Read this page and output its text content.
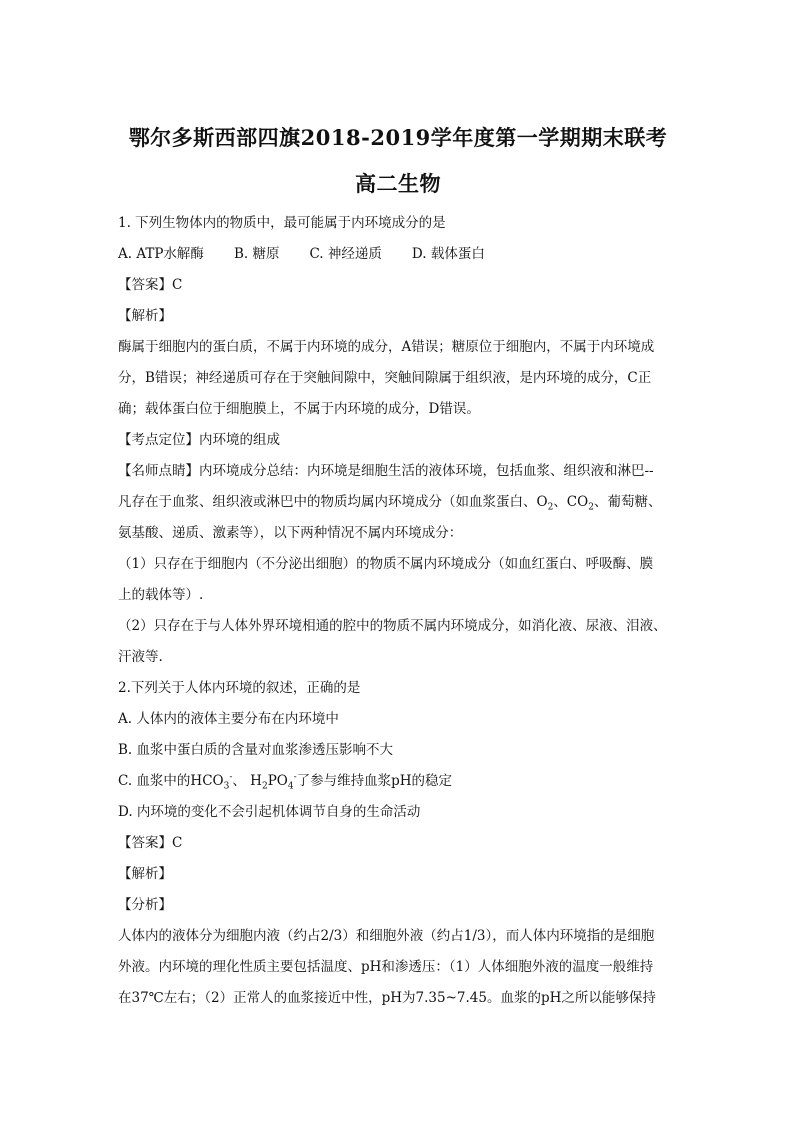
鄂尔多斯西部四旗2018-2019学年度第一学期期末联考
高二生物
1. 下列生物体内的物质中，最可能属于内环境成分的是
A. ATP水解酶 B. 糖原 C. 神经递质 D. 载体蛋白
【答案】C
【解析】
酶属于细胞内的蛋白质，不属于内环境的成分，A错误；糖原位于细胞内，不属于内环境成
分，B错误；神经递质可存在于突触间隙中，突触间隙属于组织液，是内环境的成分，C正
确；载体蛋白位于细胞膜上，不属于内环境的成分，D错误。
【考点定位】内环境的组成
【名师点睛】内环境成分总结：内环境是细胞生活的液体环境，包括血浆、组织液和淋巴--
凡存在于血浆、组织液或淋巴中的物质均属内环境成分（如血浆蛋白、$O_2$、$CO_2$、葡萄糖、
氨基酸、递质、激素等），以下两种情况不属内环境成分：
（1）只存在于细胞内（不分泌出细胞）的物质不属内环境成分（如血红蛋白、呼吸酶、膜
上的载体等）.
（2）只存在于与人体外界环境相通的腔中的物质不属内环境成分，如消化液、尿液、泪液、
汗液等.
2.下列关于人体内环境的叙述，正确的是
A. 人体内的液体主要分布在内环境中
B. 血浆中蛋白质的含量对血浆渗透压影响不大
C. 血浆中的$HCO_3^-$、 $H_2PO_4^-$了参与维持血浆pH的稳定
D. 内环境的变化不会引起机体调节自身的生命活动
【答案】C
【解析】
【分析】
人体内的液体分为细胞内液（约占2/3）和细胞外液（约占1/3），而人体内环境指的是细胞
外液。内环境的理化性质主要包括温度、pH和渗透压：（1）人体细胞外液的温度一般维持
在37℃左右；（2）正常人的血浆接近中性，pH为7.35~7.45。血浆的pH之所以能够保持
